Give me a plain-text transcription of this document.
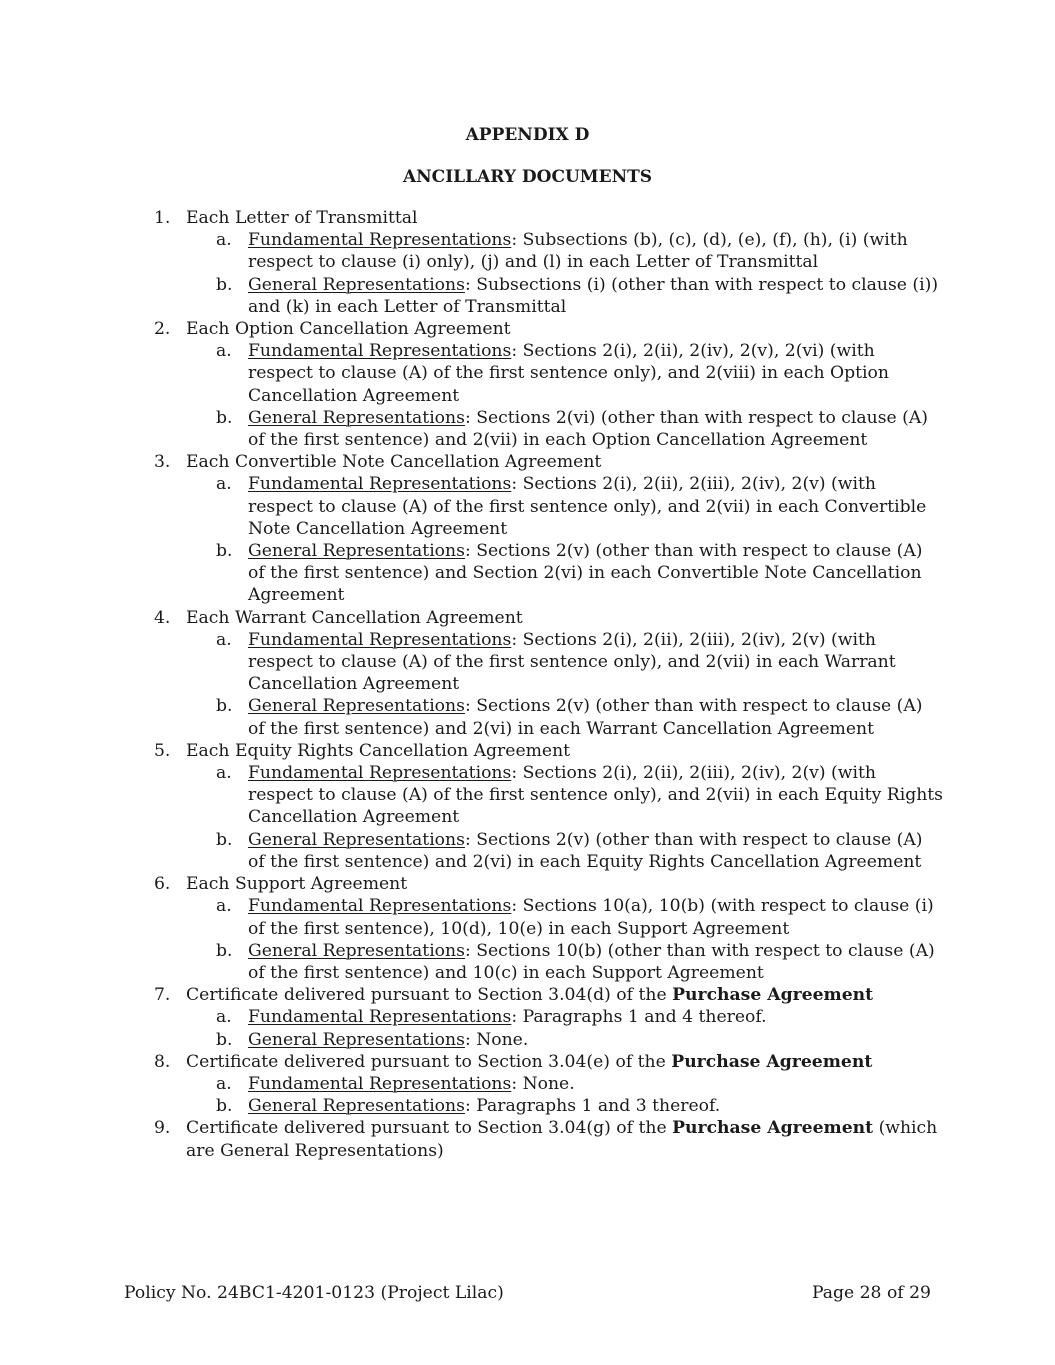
APPENDIX D
ANCILLARY DOCUMENTS
1. Each Letter of Transmittal
a. Fundamental Representations: Subsections (b), (c), (d), (e), (f), (h), (i) (with respect to clause (i) only), (j) and (l) in each Letter of Transmittal
b. General Representations: Subsections (i) (other than with respect to clause (i)) and (k) in each Letter of Transmittal
2. Each Option Cancellation Agreement
a. Fundamental Representations: Sections 2(i), 2(ii), 2(iv), 2(v), 2(vi) (with respect to clause (A) of the first sentence only), and 2(viii) in each Option Cancellation Agreement
b. General Representations: Sections 2(vi) (other than with respect to clause (A) of the first sentence) and 2(vii) in each Option Cancellation Agreement
3. Each Convertible Note Cancellation Agreement
a. Fundamental Representations: Sections 2(i), 2(ii), 2(iii), 2(iv), 2(v) (with respect to clause (A) of the first sentence only), and 2(vii) in each Convertible Note Cancellation Agreement
b. General Representations: Sections 2(v) (other than with respect to clause (A) of the first sentence) and Section 2(vi) in each Convertible Note Cancellation Agreement
4. Each Warrant Cancellation Agreement
a. Fundamental Representations: Sections 2(i), 2(ii), 2(iii), 2(iv), 2(v) (with respect to clause (A) of the first sentence only), and 2(vii) in each Warrant Cancellation Agreement
b. General Representations: Sections 2(v) (other than with respect to clause (A) of the first sentence) and 2(vi) in each Warrant Cancellation Agreement
5. Each Equity Rights Cancellation Agreement
a. Fundamental Representations: Sections 2(i), 2(ii), 2(iii), 2(iv), 2(v) (with respect to clause (A) of the first sentence only), and 2(vii) in each Equity Rights Cancellation Agreement
b. General Representations: Sections 2(v) (other than with respect to clause (A) of the first sentence) and 2(vi) in each Equity Rights Cancellation Agreement
6. Each Support Agreement
a. Fundamental Representations: Sections 10(a), 10(b) (with respect to clause (i) of the first sentence), 10(d), 10(e) in each Support Agreement
b. General Representations: Sections 10(b) (other than with respect to clause (A) of the first sentence) and 10(c) in each Support Agreement
7. Certificate delivered pursuant to Section 3.04(d) of the Purchase Agreement
a. Fundamental Representations: Paragraphs 1 and 4 thereof.
b. General Representations: None.
8. Certificate delivered pursuant to Section 3.04(e) of the Purchase Agreement
a. Fundamental Representations: None.
b. General Representations: Paragraphs 1 and 3 thereof.
9. Certificate delivered pursuant to Section 3.04(g) of the Purchase Agreement (which are General Representations)
Policy No. 24BC1-4201-0123 (Project Lilac)	Page 28 of 29
